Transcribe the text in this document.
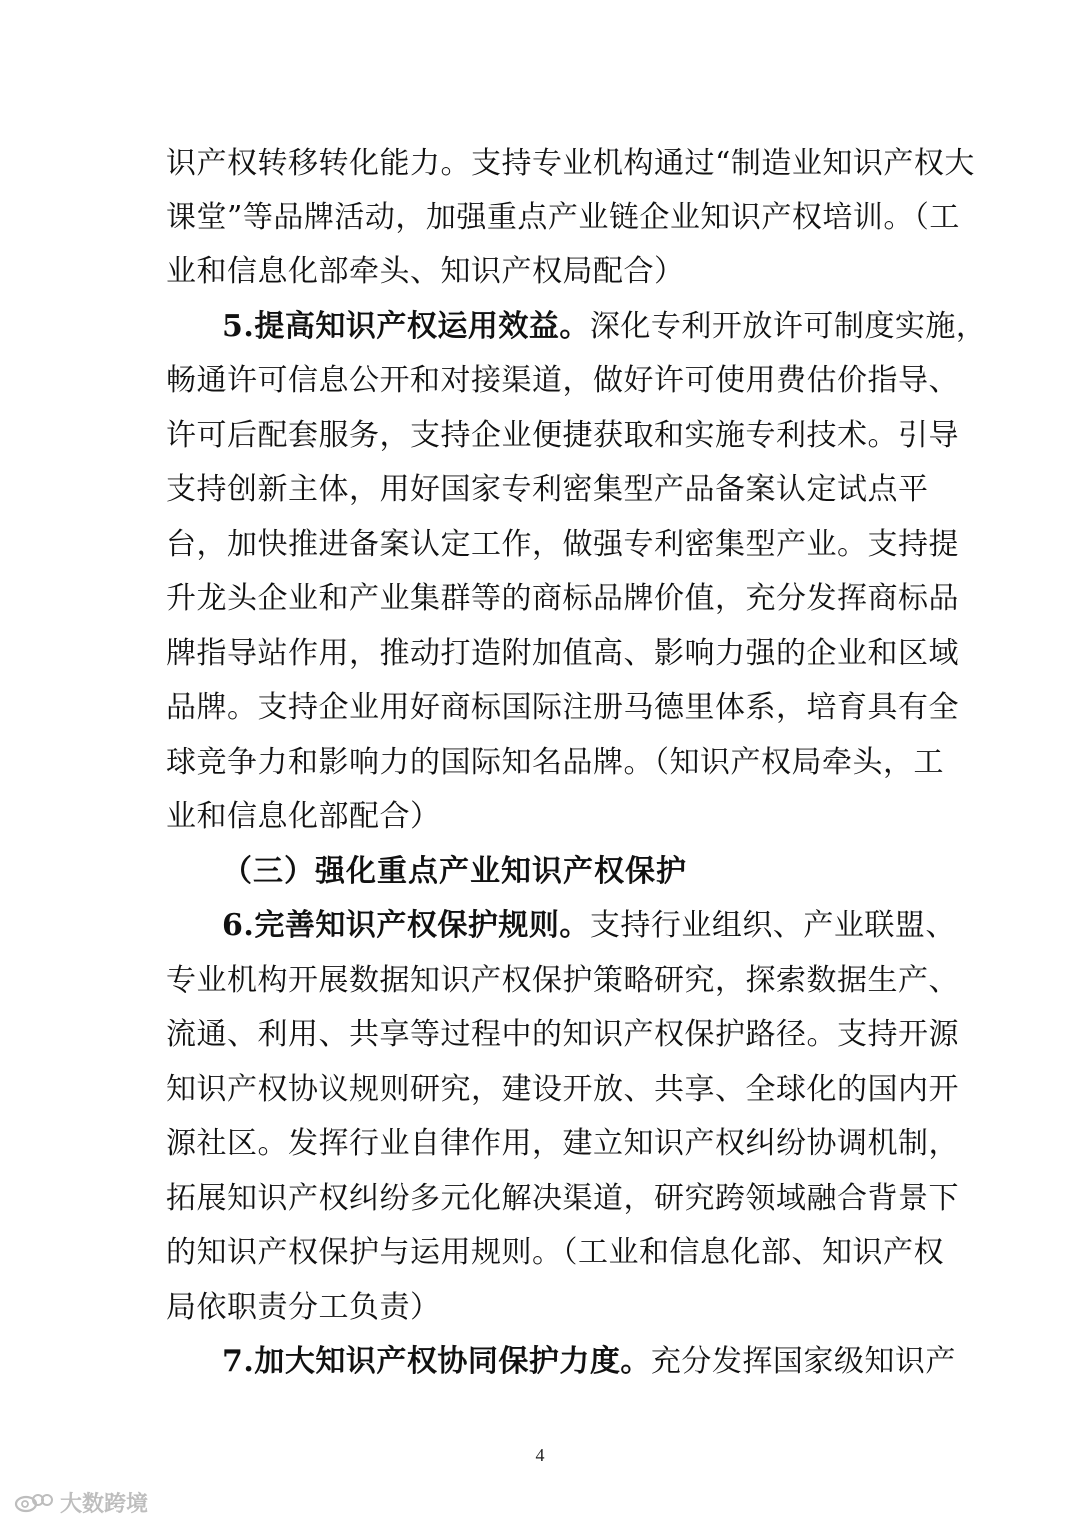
识产权转移转化能力。支持专业机构通过“制造业知识产权大
课堂”等品牌活动，加强重点产业链企业知识产权培训。（工
业和信息化部牵头、知识产权局配合）
5.提高知识产权运用效益。深化专利开放许可制度实施，
畅通许可信息公开和对接渠道，做好许可使用费估价指导、
许可后配套服务，支持企业便捷获取和实施专利技术。引导
支持创新主体，用好国家专利密集型产品备案认定试点平
台，加快推进备案认定工作，做强专利密集型产业。支持提
升龙头企业和产业集群等的商标品牌价值，充分发挥商标品
牌指导站作用，推动打造附加值高、影响力强的企业和区域
品牌。支持企业用好商标国际注册马德里体系，培育具有全
球竞争力和影响力的国际知名品牌。（知识产权局牵头，工
业和信息化部配合）
（三）强化重点产业知识产权保护
6.完善知识产权保护规则。支持行业组织、产业联盟、
专业机构开展数据知识产权保护策略研究，探索数据生产、
流通、利用、共享等过程中的知识产权保护路径。支持开源
知识产权协议规则研究，建设开放、共享、全球化的国内开
源社区。发挥行业自律作用，建立知识产权纠纷协调机制，
拓展知识产权纠纷多元化解决渠道，研究跨领域融合背景下
的知识产权保护与运用规则。（工业和信息化部、知识产权
局依职责分工负责）
7.加大知识产权协同保护力度。充分发挥国家级知识产
4
大数跨境
